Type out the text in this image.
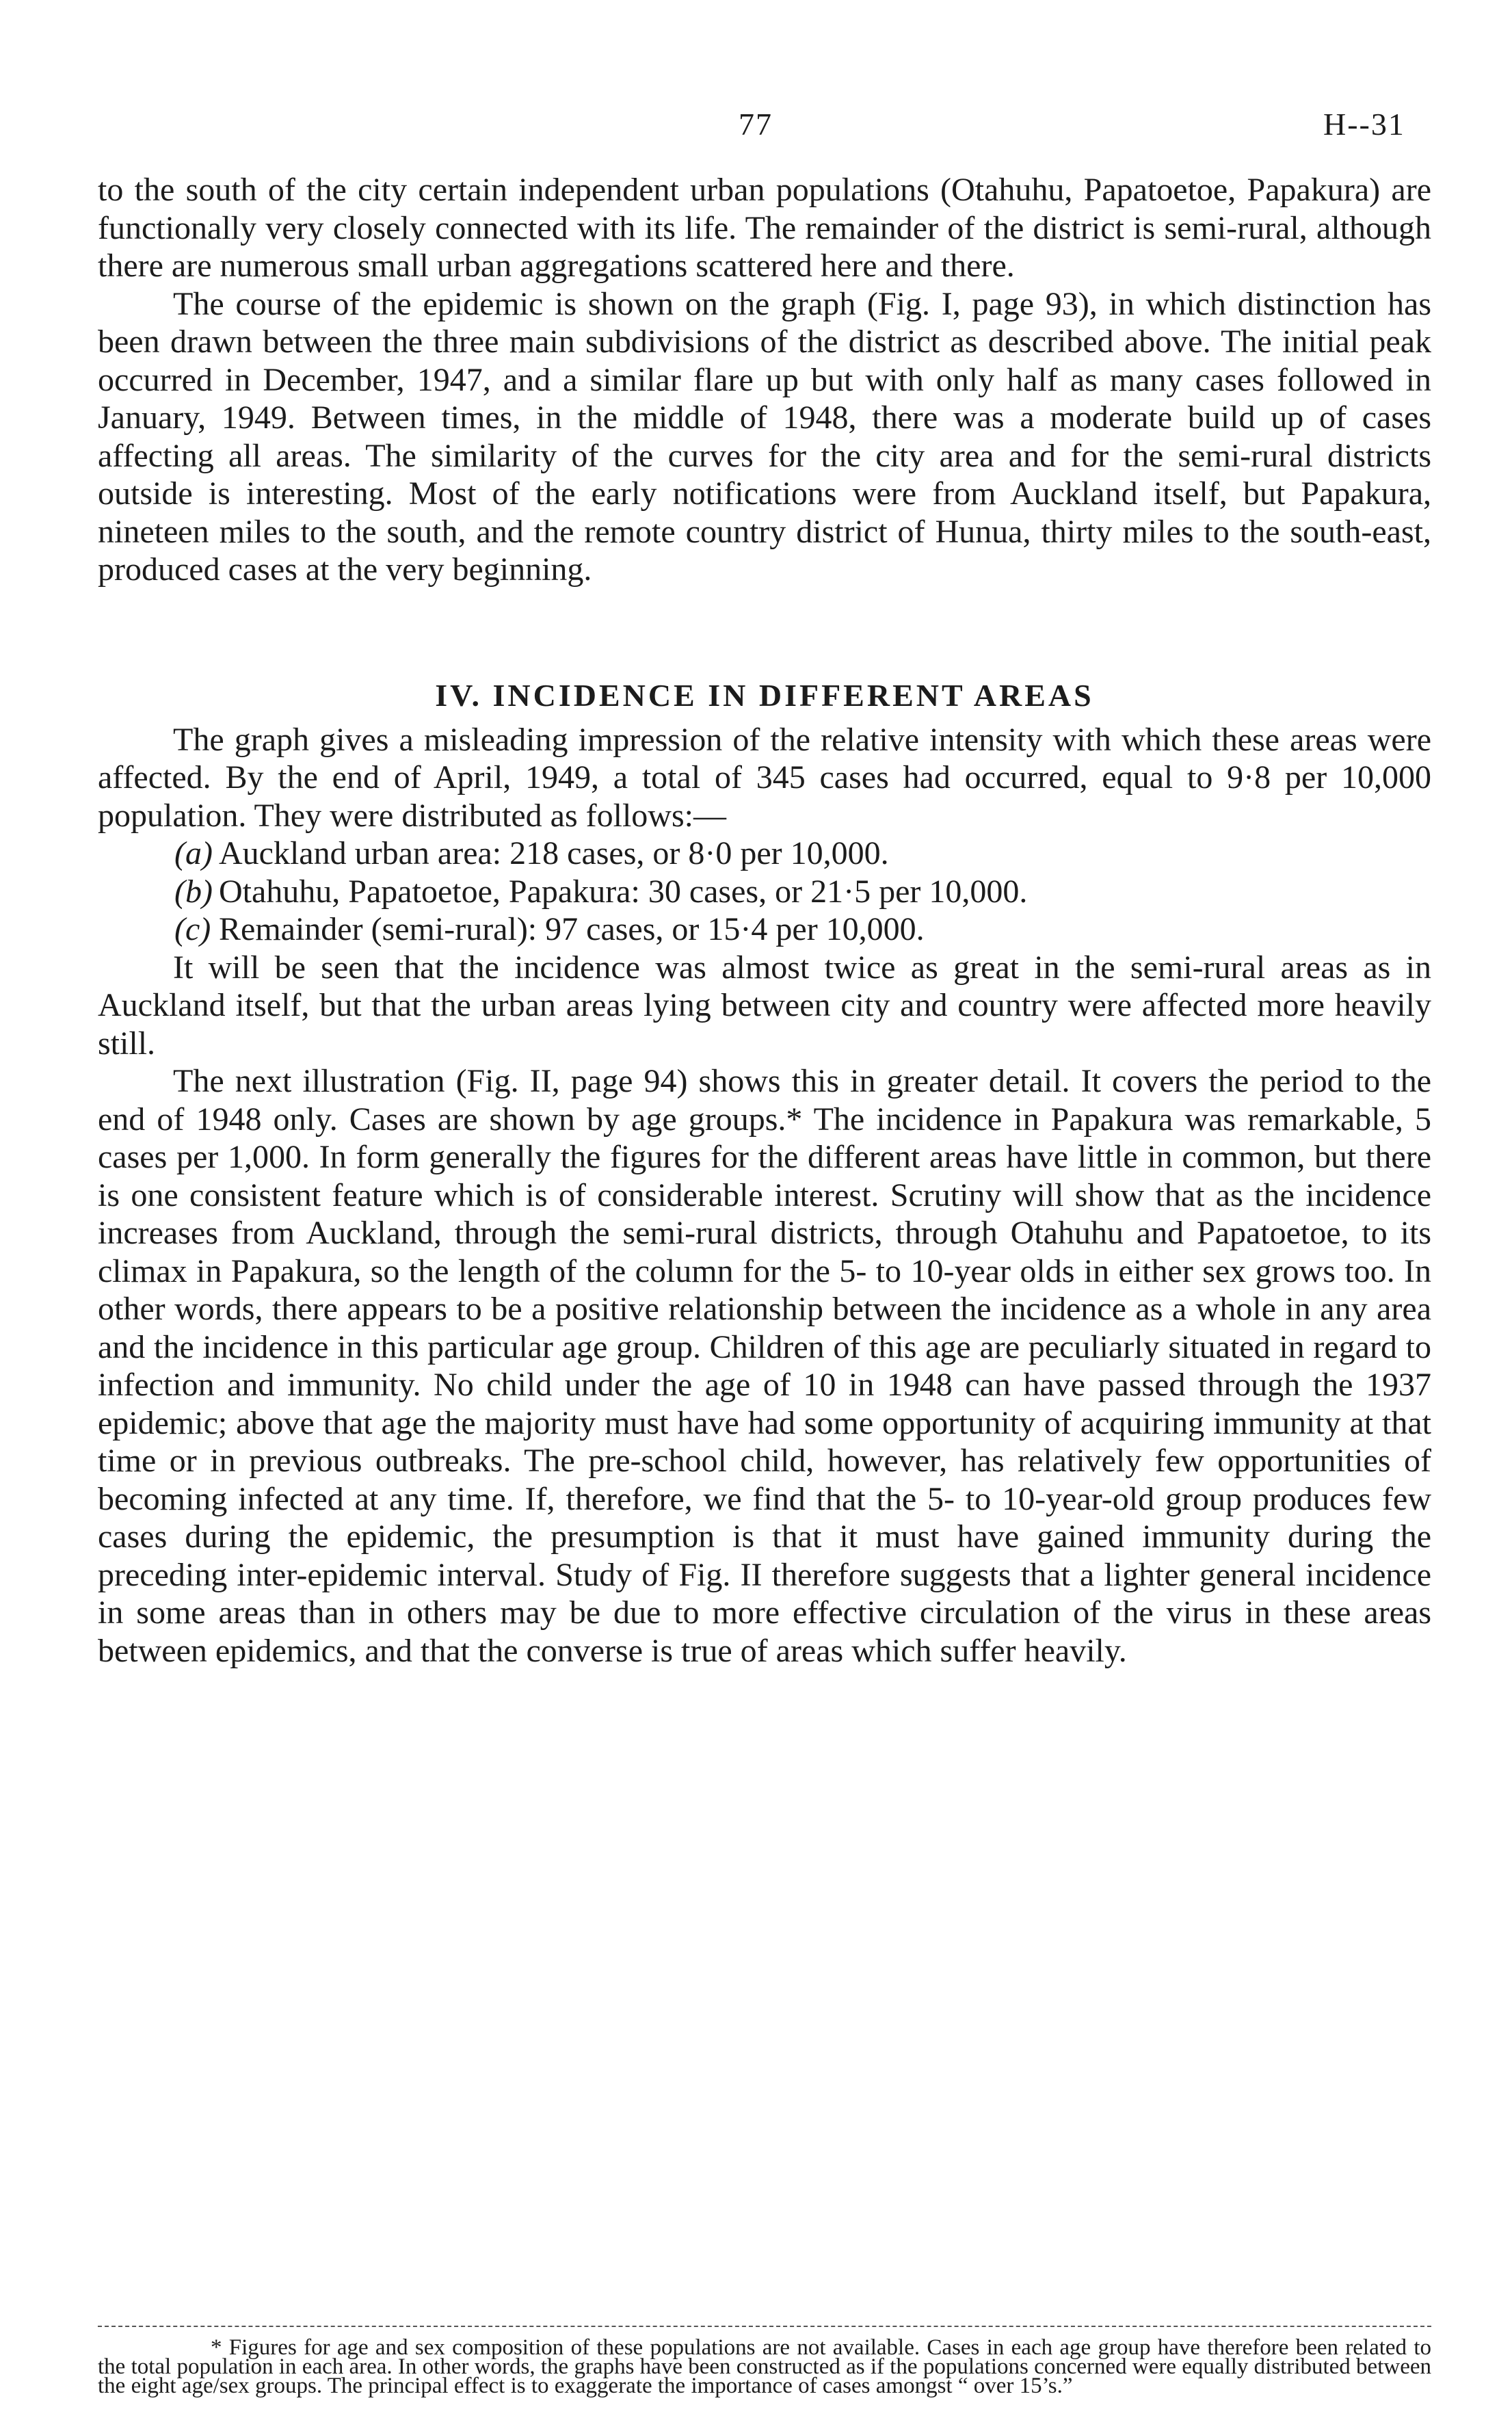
77	H--31

to the south of the city certain independent urban populations (Otahuhu, Papatoetoe, Papakura) are functionally very closely connected with its life. The remainder of the district is semi-rural, although there are numerous small urban aggregations scattered here and there.

The course of the epidemic is shown on the graph (Fig. I, page 93), in which distinction has been drawn between the three main subdivisions of the district as described above. The initial peak occurred in December, 1947, and a similar flare up but with only half as many cases followed in January, 1949. Between times, in the middle of 1948, there was a moderate build up of cases affecting all areas. The similarity of the curves for the city area and for the semi-rural districts outside is interesting. Most of the early notifications were from Auckland itself, but Papakura, nineteen miles to the south, and the remote country district of Hunua, thirty miles to the south-east, produced cases at the very beginning.

IV. INCIDENCE IN DIFFERENT AREAS

The graph gives a misleading impression of the relative intensity with which these areas were affected. By the end of April, 1949, a total of 345 cases had occurred, equal to 9·8 per 10,000 population. They were distributed as follows:—

(a) Auckland urban area: 218 cases, or 8·0 per 10,000.
(b) Otahuhu, Papatoetoe, Papakura: 30 cases, or 21·5 per 10,000.
(c) Remainder (semi-rural): 97 cases, or 15·4 per 10,000.

It will be seen that the incidence was almost twice as great in the semi-rural areas as in Auckland itself, but that the urban areas lying between city and country were affected more heavily still.

The next illustration (Fig. II, page 94) shows this in greater detail. It covers the period to the end of 1948 only. Cases are shown by age groups.* The incidence in Papakura was remarkable, 5 cases per 1,000. In form generally the figures for the different areas have little in common, but there is one consistent feature which is of considerable interest. Scrutiny will show that as the incidence increases from Auckland, through the semi-rural districts, through Otahuhu and Papatoetoe, to its climax in Papakura, so the length of the column for the 5- to 10-year olds in either sex grows too. In other words, there appears to be a positive relationship between the incidence as a whole in any area and the incidence in this particular age group. Children of this age are peculiarly situated in regard to infection and immunity. No child under the age of 10 in 1948 can have passed through the 1937 epidemic; above that age the majority must have had some opportunity of acquiring immunity at that time or in previous outbreaks. The pre-school child, however, has relatively few opportunities of becoming infected at any time. If, therefore, we find that the 5- to 10-year-old group produces few cases during the epidemic, the presumption is that it must have gained immunity during the preceding inter-epidemic interval. Study of Fig. II therefore suggests that a lighter general incidence in some areas than in others may be due to more effective circulation of the virus in these areas between epidemics, and that the converse is true of areas which suffer heavily.

* Figures for age and sex composition of these populations are not available. Cases in each age group have therefore been related to the total population in each area. In other words, the graphs have been constructed as if the populations concerned were equally distributed between the eight age/sex groups. The principal effect is to exaggerate the importance of cases amongst “ over 15’s.”
